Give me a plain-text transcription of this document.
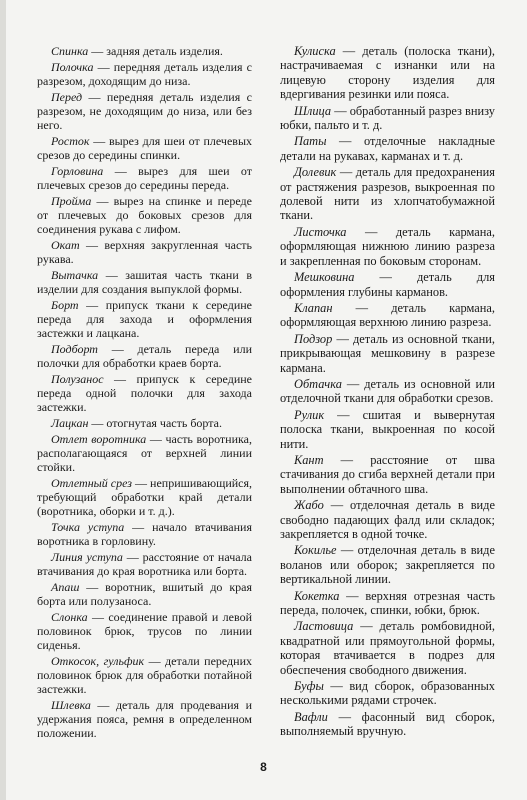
Спинка — задняя деталь изделия.

Полочка — передняя деталь изделия с разрезом, доходящим до низа.

Перед — передняя деталь изделия с разрезом, не доходящим до низа, или без него.

Росток — вырез для шеи от плечевых срезов до середины спинки.

Горловина — вырез для шеи от плечевых срезов до середины переда.

Пройма — вырез на спинке и переде от плечевых до боковых срезов для соединения рукава с лифом.

Окат — верхняя закругленная часть рукава.

Вытачка — зашитая часть ткани в изделии для создания выпуклой формы.

Борт — припуск ткани к середине переда для захода и оформления застежки и лацкана.

Подборт — деталь переда или полочки для обработки краев борта.

Полузанос — припуск к середине переда одной полочки для захода застежки.

Лацкан — отогнутая часть борта.

Отлет воротника — часть воротника, располагающаяся от верхней линии стойки.

Отлетный срез — непришивающийся, требующий обработки край детали (воротника, оборки и т. д.).

Точка уступа — начало втачивания воротника в горловину.

Линия уступа — расстояние от начала втачивания до края воротника или борта.

Апаш — воротник, вшитый до края борта или полузаноса.

Слонка — соединение правой и левой половинок брюк, трусов по линии сиденья.

Откосок, гульфик — детали передних половинок брюк для обработки потайной застежки.

Шлевка — деталь для продевания и удержания пояса, ремня в определенном положении.

Кулиска — деталь (полоска ткани), настрачиваемая с изнанки или на лицевую сторону изделия для вдергивания резинки или пояса.

Шлица — обработанный разрез внизу юбки, пальто и т. д.

Паты — отделочные накладные детали на рукавах, карманах и т. д.

Долевик — деталь для предохранения от растяжения разрезов, выкроенная по долевой нити из хлопчатобумажной ткани.

Листочка — деталь кармана, оформляющая нижнюю линию разреза и закрепленная по боковым сторонам.

Мешковина — деталь для оформления глубины карманов.

Клапан — деталь кармана, оформляющая верхнюю линию разреза.

Подзор — деталь из основной ткани, прикрывающая мешковину в разрезе кармана.

Обтачка — деталь из основной или отделочной ткани для обработки срезов.

Рулик — сшитая и вывернутая полоска ткани, выкроенная по косой нити.

Кант — расстояние от шва стачивания до сгиба верхней детали при выполнении обтачного шва.

Жабо — отделочная деталь в виде свободно падающих фалд или складок; закрепляется в одной точке.

Кокилье — отделочная деталь в виде воланов или оборок; закрепляется по вертикальной линии.

Кокетка — верхняя отрезная часть переда, полочек, спинки, юбки, брюк.

Ластовица — деталь ромбовидной, квадратной или прямоугольной формы, которая втачивается в подрез для обеспечения свободного движения.

Буфы — вид сборок, образованных несколькими рядами строчек.

Вафли — фасонный вид сборок, выполняемый вручную.

8
